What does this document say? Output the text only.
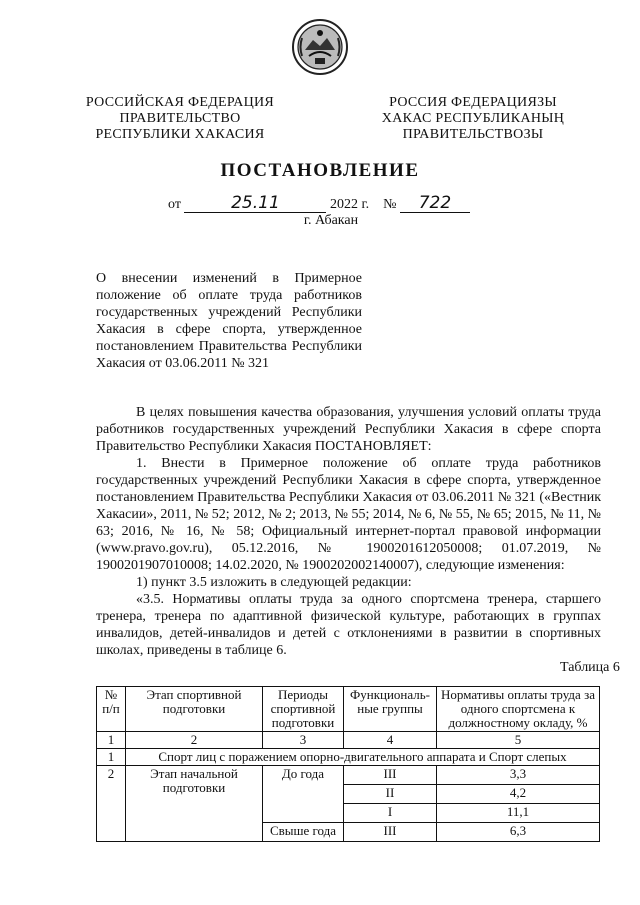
РОССИЙСКАЯ ФЕДЕРАЦИЯ
ПРАВИТЕЛЬСТВО
РЕСПУБЛИКИ ХАКАСИЯ
РОССИЯ ФЕДЕРАЦИЯЗЫ
ХАКАС РЕСПУБЛИКАНЫҢ
ПРАВИТЕЛЬСТВОЗЫ
ПОСТАНОВЛЕНИЕ
от	25.11	2022 г. № 722
г. Абакан
О внесении изменений в Примерное положение об оплате труда работников государственных учреждений Республики Хакасия в сфере спорта, утвержденное постановлением Правительства Республики Хакасия от 03.06.2011 № 321

В целях повышения качества образования, улучшения условий оплаты труда работников государственных учреждений Республики Хакасия в сфере спорта Правительство Республики Хакасия ПОСТАНОВЛЯЕТ:

1. Внести в Примерное положение об оплате труда работников государственных учреждений Республики Хакасия в сфере спорта, утвержденное постановлением Правительства Республики Хакасия от 03.06.2011 № 321 («Вестник Хакасии», 2011, № 52; 2012, № 2; 2013, № 55; 2014, № 6, № 55, № 65; 2015, № 11, № 63; 2016, № 16, № 58; Официальный интернет-портал правовой информации (www.pravo.gov.ru), 05.12.2016, № 1900201612050008; 01.07.2019, № 1900201907010008; 14.02.2020, № 1900202002140007), следующие изменения:

1) пункт 3.5 изложить в следующей редакции:

«3.5. Нормативы оплаты труда за одного спортсмена тренера, старшего тренера, тренера по адаптивной физической культуре, работающих в группах инвалидов, детей-инвалидов и детей с отклонениями в развитии в спортивных школах, приведены в таблице 6.

Таблица 6
№ п/п	Этап спортивной подготовки	Периоды спортивной подготовки	Функциональ-ные группы	Нормативы оплаты труда за одного спортсмена к должностному окладу, %
1	2	3	4	5
1	Спорт лиц с поражением опорно-двигательного аппарата и Спорт слепых			
2	Этап начальной подготовки	До года	III	3,3
			II	4,2
			I	11,1
		Свыше года	III	6,3
